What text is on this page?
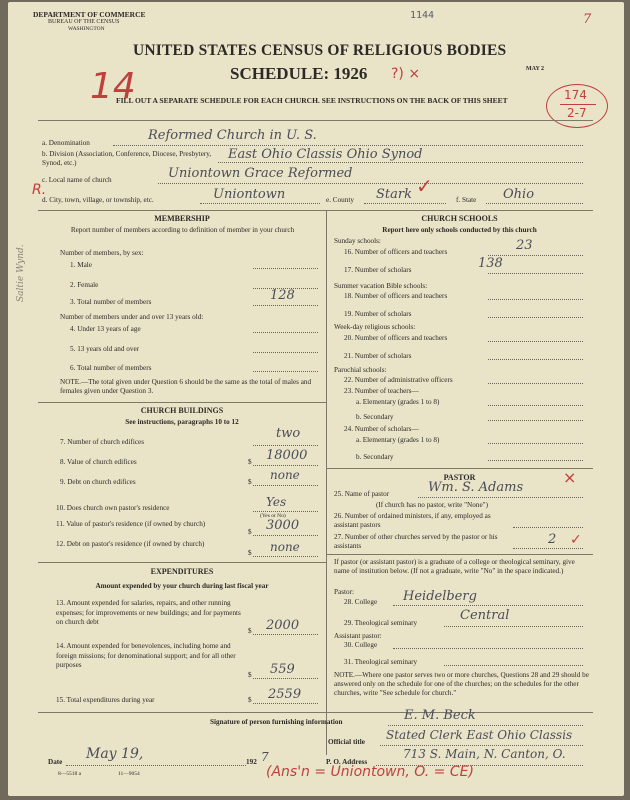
DEPARTMENT OF COMMERCE
BUREAU OF THE CENSUS
WASHINGTON
1144	7
UNITED STATES CENSUS OF RELIGIOUS BODIES
SCHEDULE: 1926 ?) ×	MAY 2
14
FILL OUT A SEPARATE SCHEDULE FOR EACH CHURCH. SEE INSTRUCTIONS ON THE BACK OF THIS SHEET	174
2-7
a. Denomination	Reformed Church in U. S.
b. Division (Association, Conference, Diocese, Presbytery, Synod, etc.)
East Ohio Classis Ohio Synod
R.
c. Local name of church	Uniontown Grace Reformed
d. City, town, village, or township, etc.	Uniontown	e. County Stark ✓
f. State Ohio
Saltie Wynd.
MEMBERSHIP
Report number of members according to definition of member in your church
Number of members, by sex:
1. Male
2. Female
3. Total number of members	128
Number of members under and over 13 years old:
4. Under 13 years of age
5. 13 years old and over
6. Total number of members
NOTE.—The total given under Question 6 should be the same as the total of males and females given under Question 3.
CHURCH BUILDINGS
See instructions, paragraphs 10 to 12
7. Number of church edifices
two
8. Value of church edifices	$ 18000
9. Debt on church edifices	$ none
10. Does church own pastor's residence	Yes
(Yes or No)
11. Value of pastor's residence (if owned by church)
$ 3000
12. Debt on pastor's residence (if owned by church)
$ none
EXPENDITURES
Amount expended by your church during last fiscal year
13. Amount expended for salaries, repairs, and other running expenses; for improvements or new buildings; and for payments on church debt
$ 2000
14. Amount expended for benevolences, including home and foreign missions; for denominational support; and for all other purposes
$ 559
15. Total expenditures during year	$ 2559
CHURCH SCHOOLS
Report here only schools conducted by this church
Sunday schools:
16. Number of officers and teachers	23
17. Number of scholars	138
Summer vacation Bible schools:
18. Number of officers and teachers
19. Number of scholars
Week-day religious schools:
20. Number of officers and teachers
21. Number of scholars
Parochial schools:
22. Number of administrative officers
23. Number of teachers—
a. Elementary (grades 1 to 8)
b. Secondary
24. Number of scholars—
a. Elementary (grades 1 to 8)
b. Secondary
PASTOR	×
25. Name of pastor	Wm. S. Adams
(If church has no pastor, write "None")
26. Number of ordained ministers, if any, employed as assistant pastors
27. Number of other churches served by the pastor or his assistants	2 ✓
If pastor (or assistant pastor) is a graduate of a college or theological seminary, give name of institution below. (If not a graduate, write "No" in the space indicated.)
Pastor:
28. College Heidelberg
29. Theological seminary	Central
Assistant pastor:
30. College
31. Theological seminary
NOTE.—Where one pastor serves two or more churches, Questions 28 and 29 should be answered only on the schedule for one of the churches; on the schedules for the other churches, write "See schedule for church."
Signature of person furnishing information	E. M. Beck
Official title Stated Clerk East Ohio Classis
Date May 19,	192 7	P. O. Address
713 S. Main, N. Canton, O.
8—5518 a	11—9054	(Ans'n = Uniontown, O. = CE)
